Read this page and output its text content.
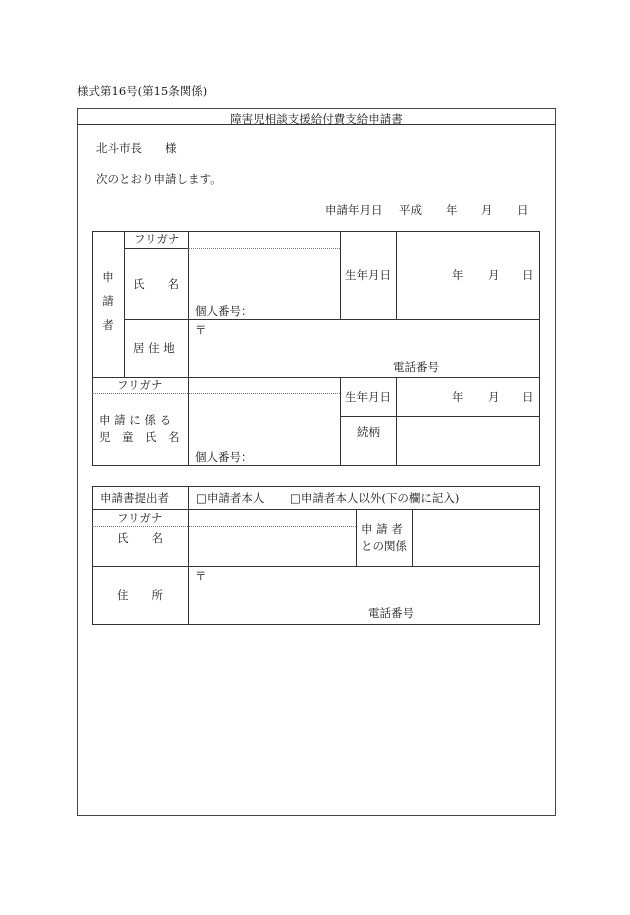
様式第16号(第15条関係)
障害児相談支援給付費支給申請書
北斗市長　　様
次のとおり申請します。
申請年月日 平成 年 月 日
申請者
フリガナ
氏　　名
個人番号：
生年月日	年 月 日
居 住 地
〒
電話番号
フリガナ
申 請 に 係 る
児　童　氏　名
個人番号：
生年月日	年 月 日
続柄
申請書提出者 □申請者本人 □申請者本人以外(下の欄に記入)
フリガナ
氏　　名
申 請 者
との関係
住　　所
〒
電話番号
